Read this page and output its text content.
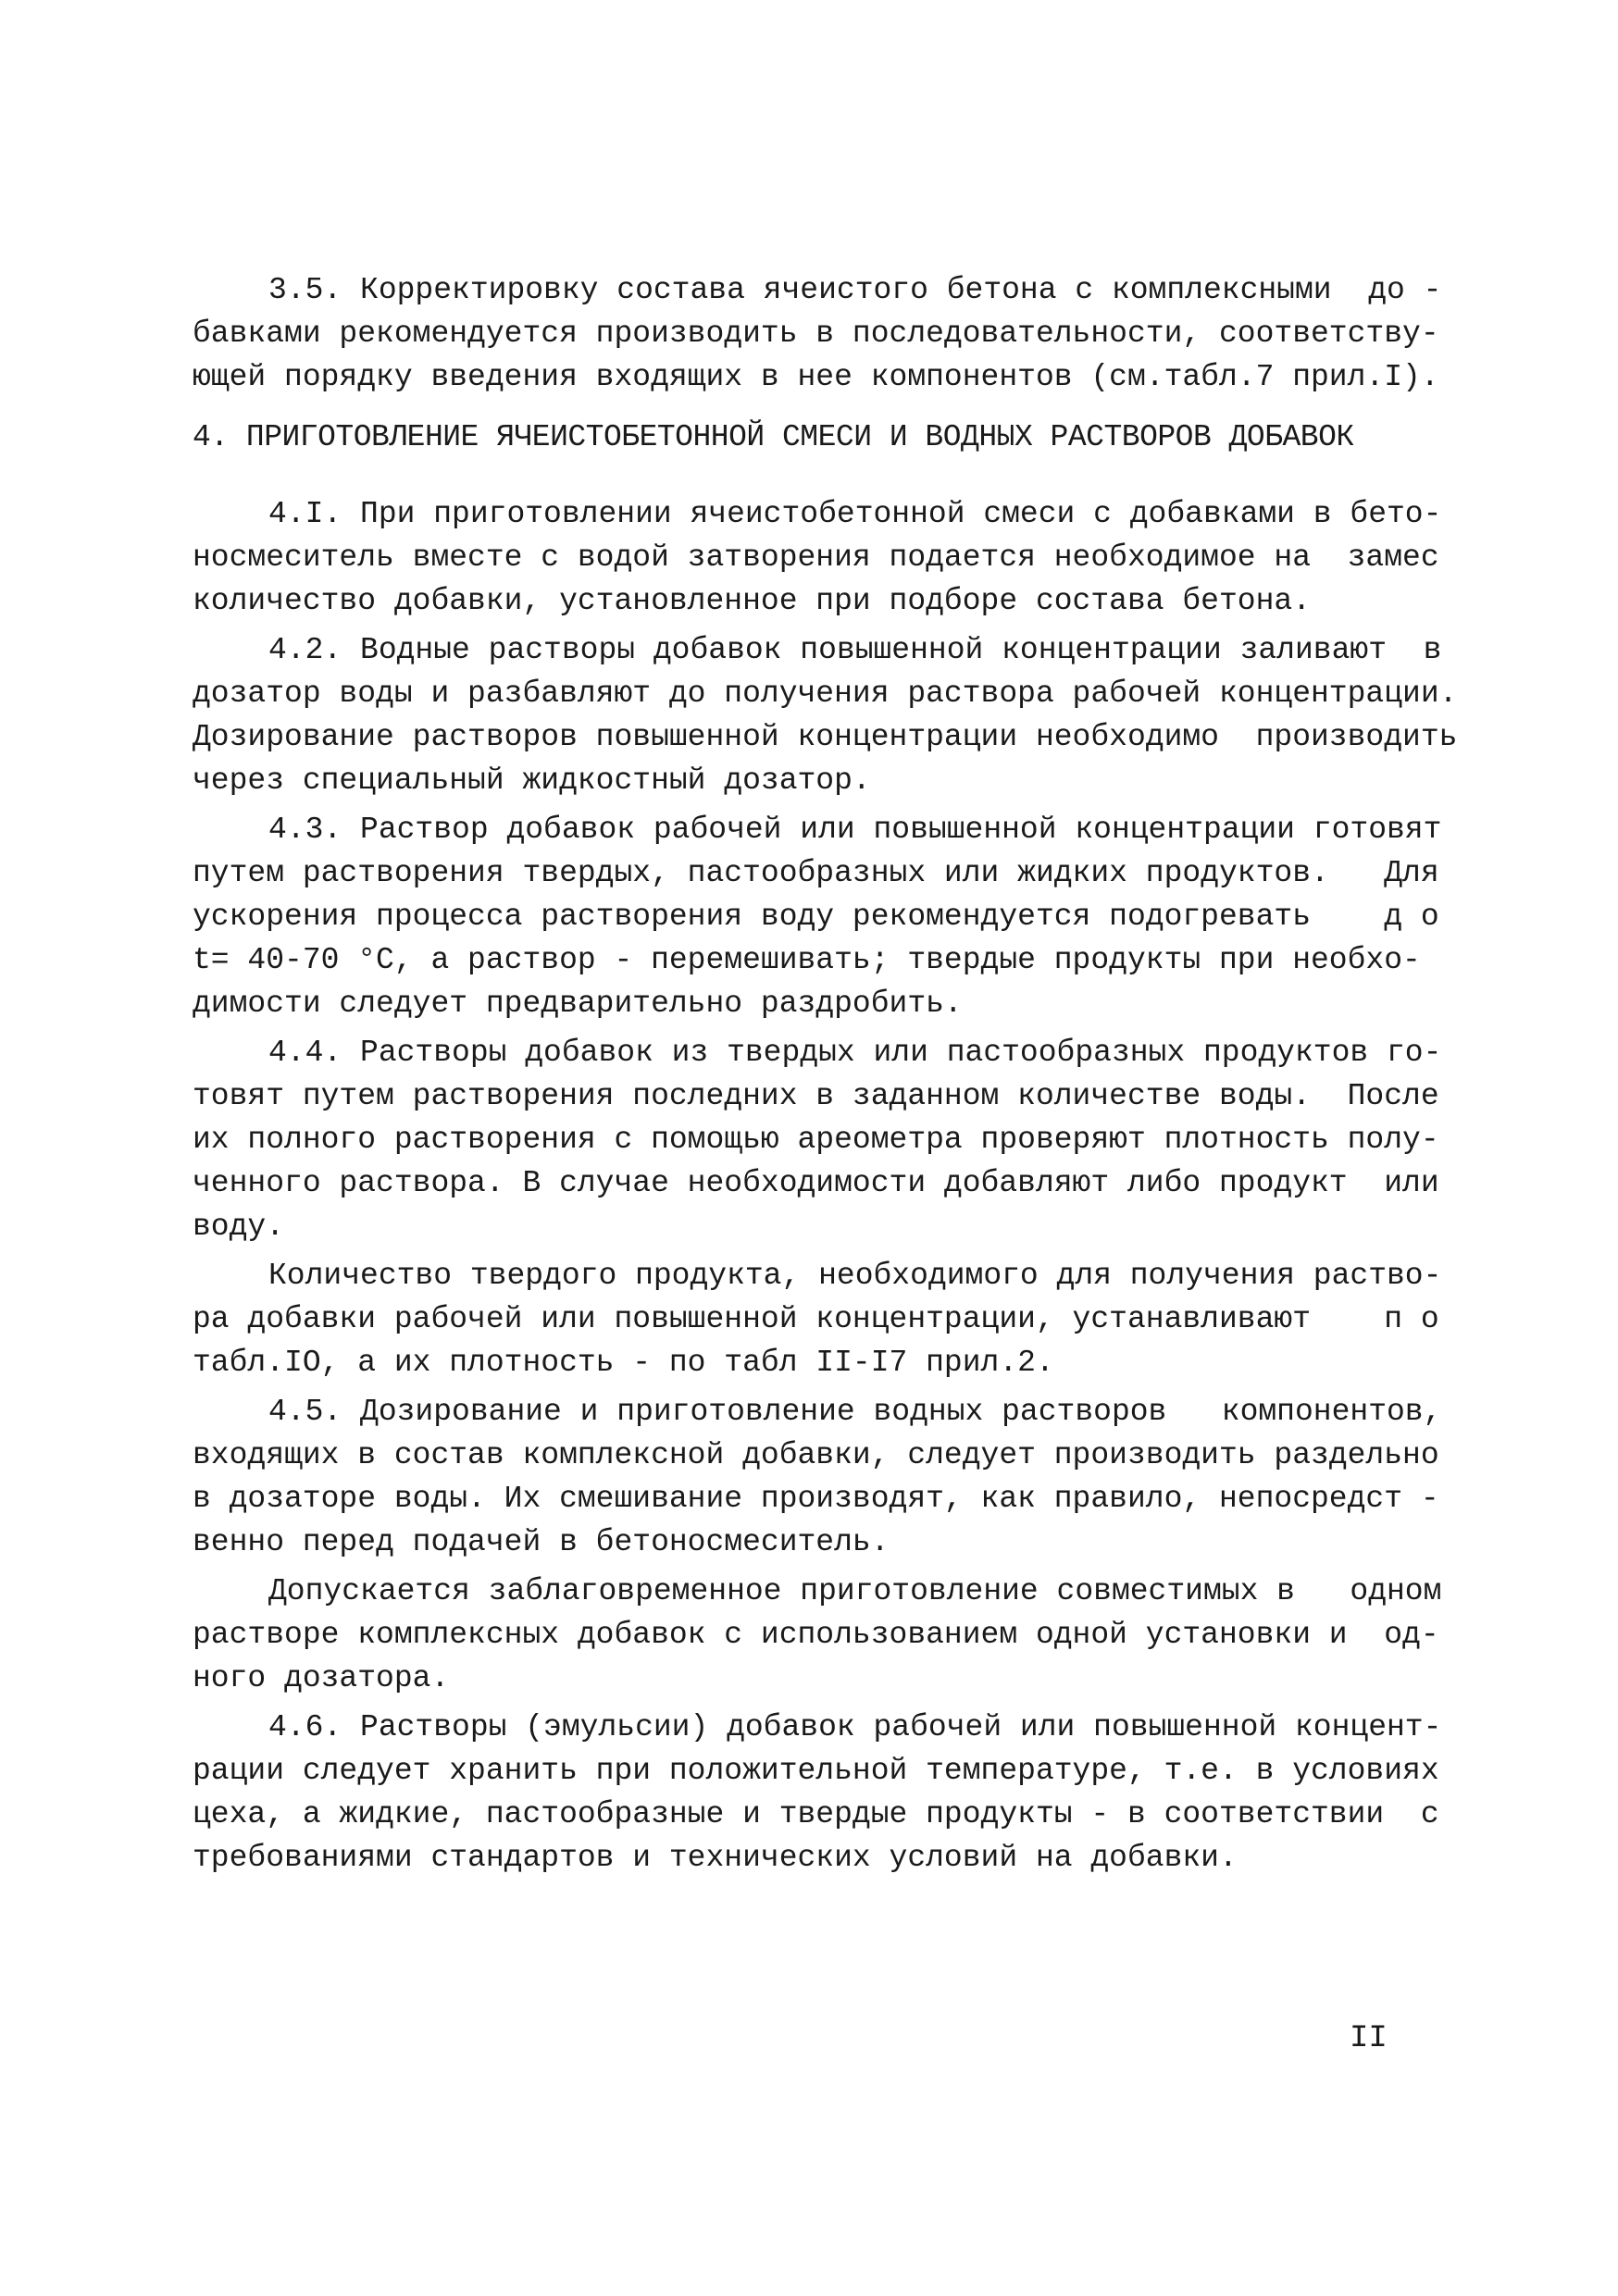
3.5. Корректировку состава ячеистого бетона с комплексными  до -
бавками рекомендуется производить в последовательности, соответству-
ющей порядку введения входящих в нее компонентов (см.табл.7 прил.I).
4. ПРИГОТОВЛЕНИЕ ЯЧЕИСТОБЕТОННОЙ СМЕСИ И ВОДНЫХ РАСТВОРОВ ДОБАВОК
4.I. При приготовлении ячеистобетонной смеси с добавками в бето-
носмеситель вместе с водой затворения подается необходимое на  замес
количество добавки, установленное при подборе состава бетона.
4.2. Водные растворы добавок повышенной концентрации заливают  в
дозатор воды и разбавляют до получения раствора рабочей концентрации.
Дозирование растворов повышенной концентрации необходимо  производить
через специальный жидкостный дозатор.
4.3. Раствор добавок рабочей или повышенной концентрации готовят
путем растворения твердых, пастообразных или жидких продуктов.   Для
ускорения процесса растворения воду рекомендуется подогревать    д о
t= 40-70 °С, а раствор - перемешивать; твердые продукты при необхо-
димости следует предварительно раздробить.
4.4. Растворы добавок из твердых или пастообразных продуктов го-
товят путем растворения последних в заданном количестве воды.  После
их полного растворения с помощью ареометра проверяют плотность полу-
ченного раствора. В случае необходимости добавляют либо продукт  или
воду.
Количество твердого продукта, необходимого для получения раство-
ра добавки рабочей или повышенной концентрации, устанавливают    п о
табл.IO, а их плотность - по табл II-I7 прил.2.
4.5. Дозирование и приготовление водных растворов   компонентов,
входящих в состав комплексной добавки, следует производить раздельно
в дозаторе воды. Их смешивание производят, как правило, непосредст -
венно перед подачей в бетоносмеситель.
Допускается заблаговременное приготовление совместимых в   одном
растворе комплексных добавок с использованием одной установки и  од-
ного дозатора.
4.6. Растворы (эмульсии) добавок рабочей или повышенной концент-
рации следует хранить при положительной температуре, т.е. в условиях
цеха, а жидкие, пастообразные и твердые продукты - в соответствии  с
требованиями стандартов и технических условий на добавки.
II
